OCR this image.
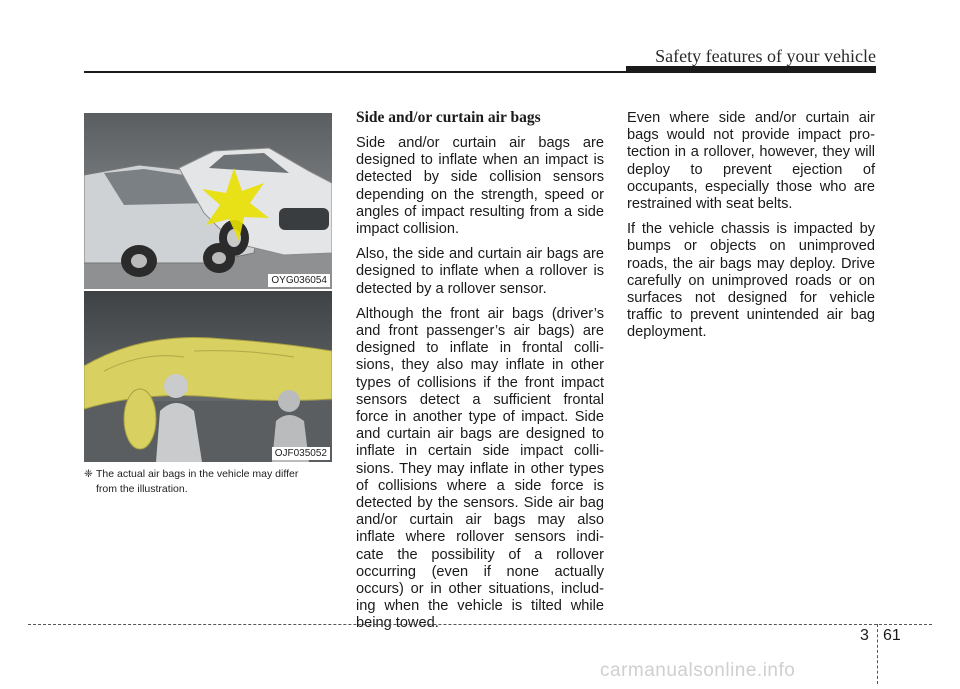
Safety features of your vehicle
OYG036054
OJF035052
❈ The actual air bags in the vehicle may differ
from the illustration.
Side and/or curtain air bags

Side and/or curtain air bags are designed to inflate when an impact is detected by side collision sensors depending on the strength, speed or angles of impact resulting from a side impact collision.

Also, the side and curtain air bags are designed to inflate when a rollover is detected by a rollover sensor.

Although the front air bags (driver’s and front passenger’s air bags) are designed to inflate in frontal colli-sions, they also may inflate in other types of collisions if the front impact sensors detect a sufficient frontal force in another type of impact. Side and curtain air bags are designed to inflate in certain side impact colli-sions. They may inflate in other types of collisions where a side force is detected by the sensors. Side air bag and/or curtain air bags may also inflate where rollover sensors indi-cate the possibility of a rollover occurring (even if none actually occurs) or in other situations, includ-ing when the vehicle is tilted while being towed.

Even where side and/or curtain air bags would not provide impact pro-tection in a rollover, however, they will deploy to prevent ejection of occupants, especially those who are restrained with seat belts.

If the vehicle chassis is impacted by bumps or objects on unimproved roads, the air bags may deploy. Drive carefully on unimproved roads or on surfaces not designed for vehicle traffic to prevent unintended air bag deployment.

3 61
carmanualsonline.info
